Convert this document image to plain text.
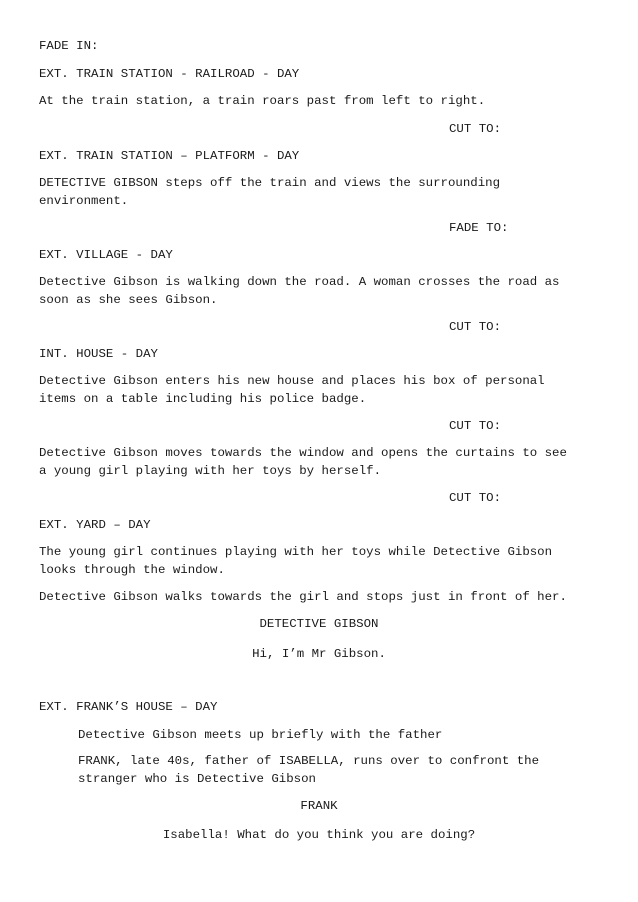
FADE IN:
EXT. TRAIN STATION - RAILROAD - DAY
At the train station, a train roars past from left to right.
CUT TO:
EXT. TRAIN STATION – PLATFORM - DAY
DETECTIVE GIBSON steps off the train and views the surrounding
environment.
FADE TO:
EXT. VILLAGE - DAY
Detective Gibson is walking down the road. A woman crosses the road as
soon as she sees Gibson.
CUT TO:
INT. HOUSE - DAY
Detective Gibson enters his new house and places his box of personal
items on a table including his police badge.
CUT TO:
Detective Gibson moves towards the window and opens the curtains to see
a young girl playing with her toys by herself.
CUT TO:
EXT. YARD – DAY
The young girl continues playing with her toys while Detective Gibson
looks through the window.
Detective Gibson walks towards the girl and stops just in front of her.
DETECTIVE GIBSON
Hi, I’m Mr Gibson.
EXT. FRANK’S HOUSE – DAY
Detective Gibson meets up briefly with the father
FRANK, late 40s, father of ISABELLA, runs over to confront the
stranger who is Detective Gibson
FRANK
Isabella! What do you think you are doing?
